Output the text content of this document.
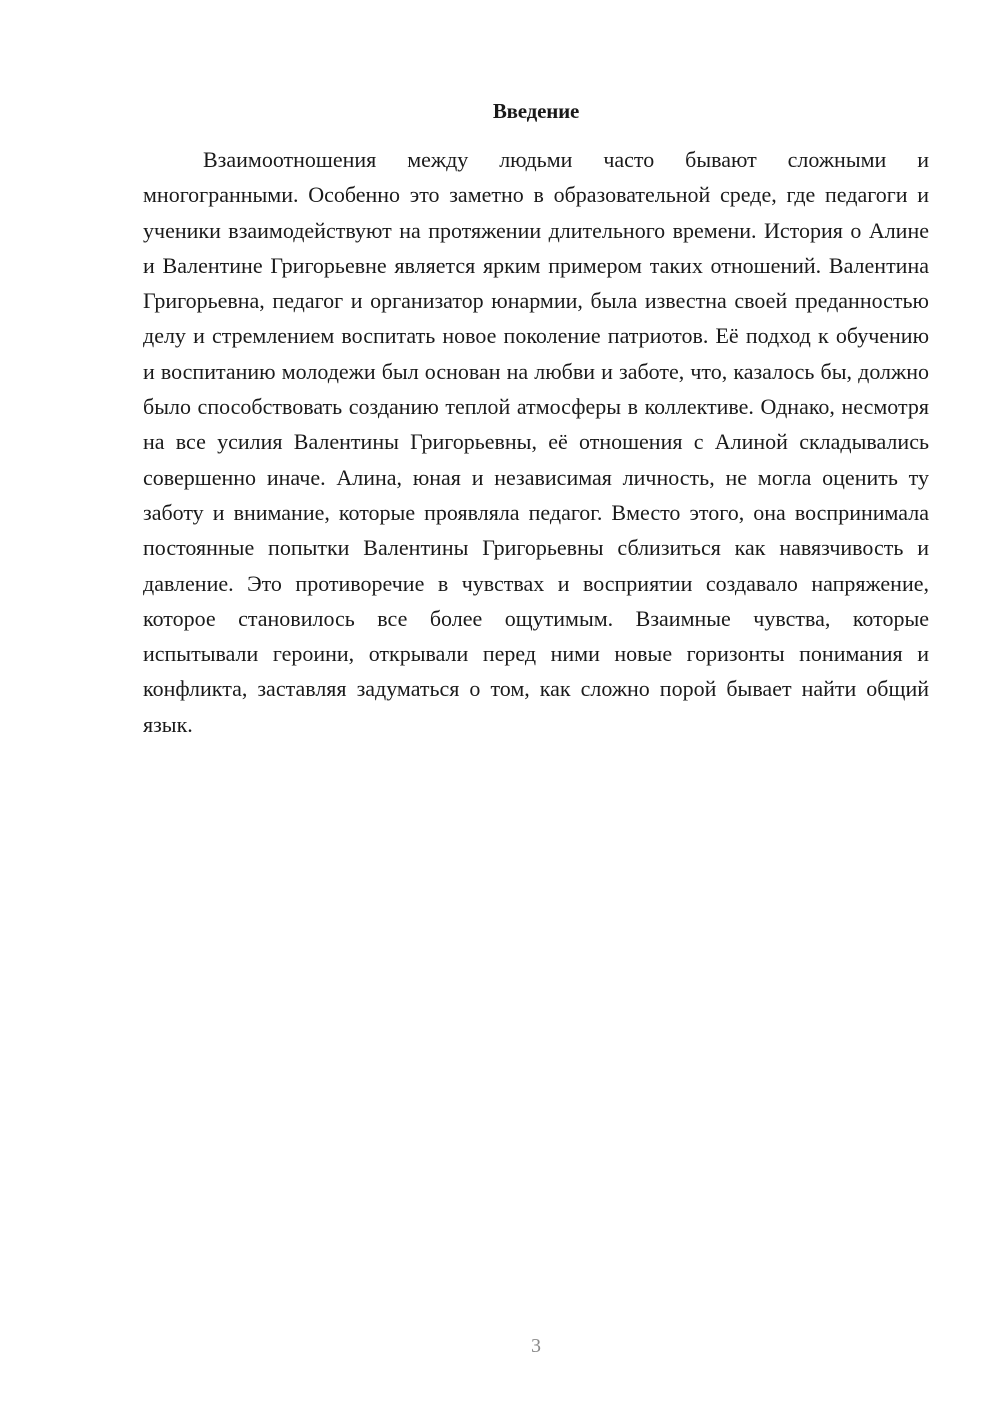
Введение

Взаимоотношения между людьми часто бывают сложными и многогранными. Особенно это заметно в образовательной среде, где педагоги и ученики взаимодействуют на протяжении длительного времени. История о Алине и Валентине Григорьевне является ярким примером таких отношений. Валентина Григорьевна, педагог и организатор юнармии, была известна своей преданностью делу и стремлением воспитать новое поколение патриотов. Её подход к обучению и воспитанию молодежи был основан на любви и заботе, что, казалось бы, должно было способствовать созданию теплой атмосферы в коллективе. Однако, несмотря на все усилия Валентины Григорьевны, её отношения с Алиной складывались совершенно иначе. Алина, юная и независимая личность, не могла оценить ту заботу и внимание, которые проявляла педагог. Вместо этого, она воспринимала постоянные попытки Валентины Григорьевны сблизиться как навязчивость и давление. Это противоречие в чувствах и восприятии создавало напряжение, которое становилось все более ощутимым. Взаимные чувства, которые испытывали героини, открывали перед ними новые горизонты понимания и конфликта, заставляя задуматься о том, как сложно порой бывает найти общий язык.

3
